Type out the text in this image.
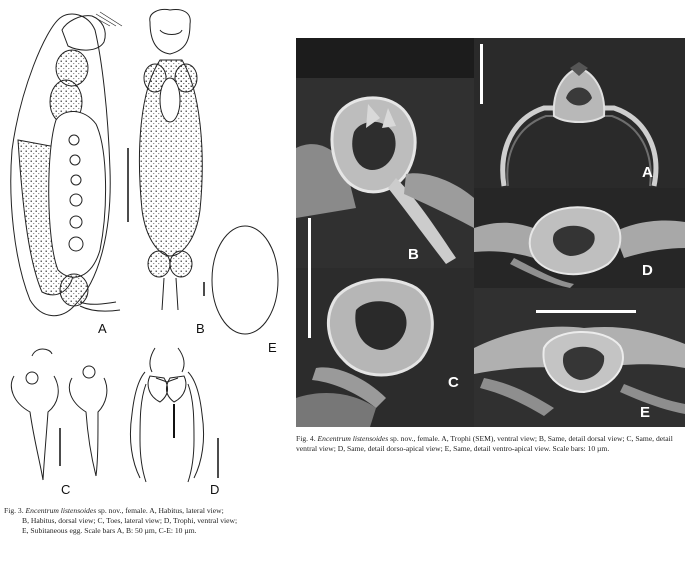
A	B
E
C	D
Fig. 3. Encentrum listensoides sp. nov., female. A, Habitus, lateral view;
B, Habitus, dorsal view; C, Toes, lateral view; D, Trophi, ventral view;
E, Subitaneous egg. Scale bars A, B: 50 µm, C-E: 10 µm.
A
B
D
C
E
Fig. 4. Encentrum listensoides sp. nov., female. A, Trophi (SEM), ventral view; B, Same, detail dorsal view; C, Same, detail
ventral view; D, Same, detail dorso-apical view; E, Same, detail ventro-apical view. Scale bars: 10 µm.
